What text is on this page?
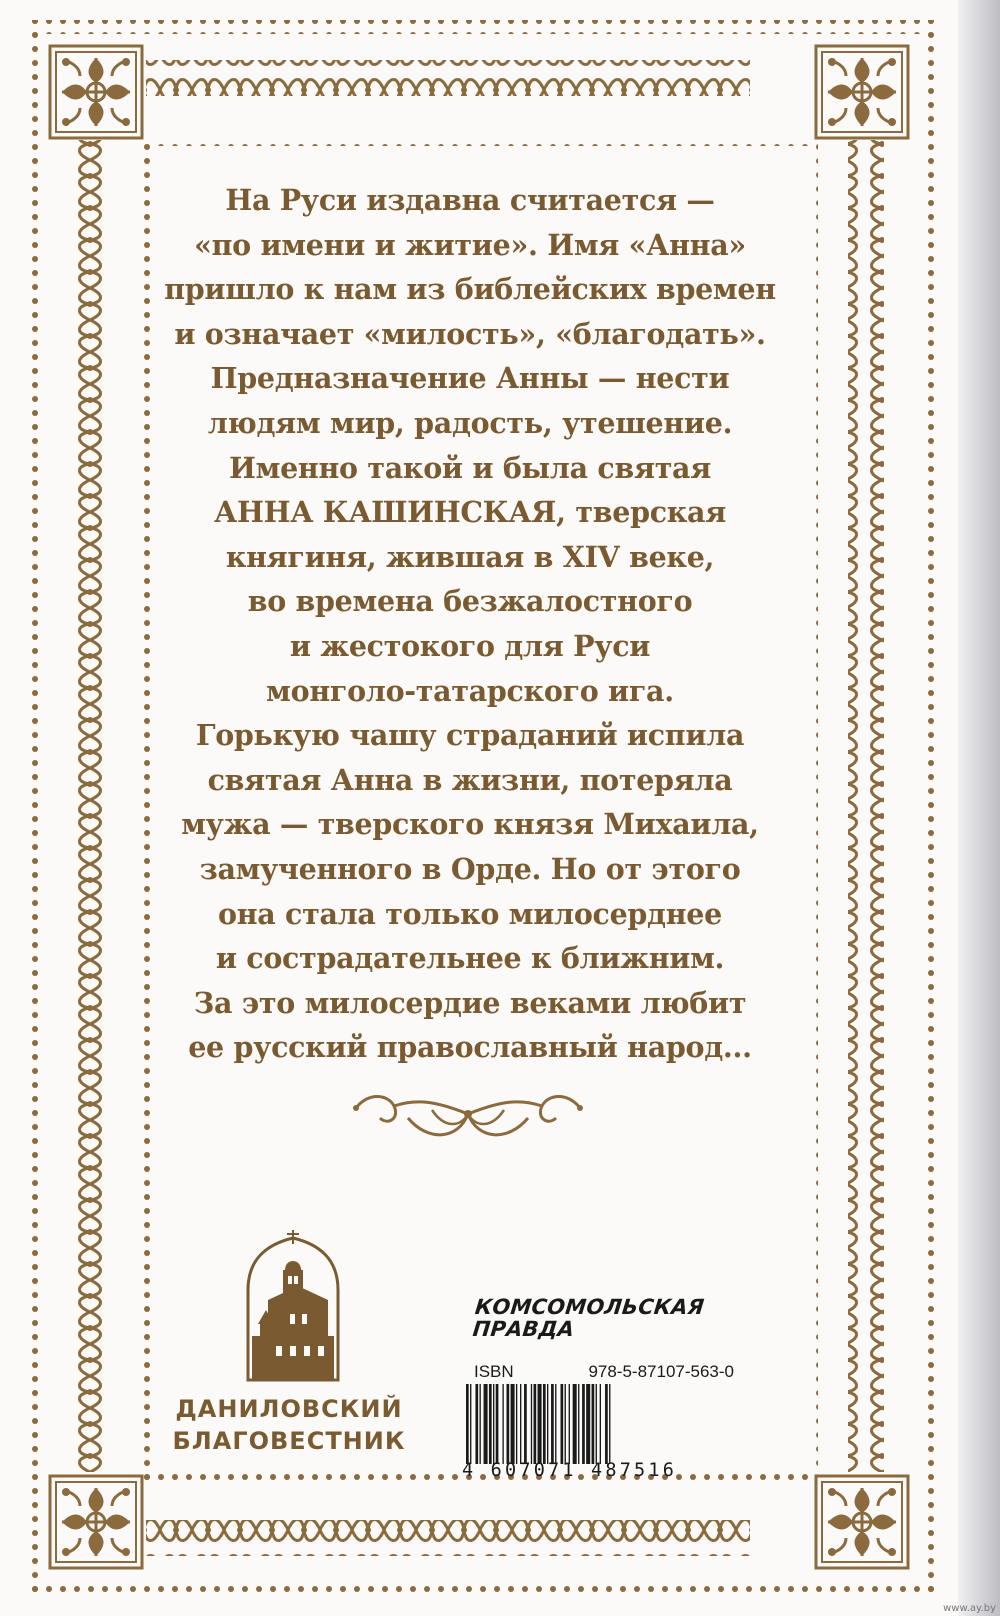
На Руси издавна считается —
«по имени и житие». Имя «Анна»
пришло к нам из библейских времен
и означает «милость», «благодать».
Предназначение Анны — нести
людям мир, радость, утешение.
Именно такой и была святая
АННА КАШИНСКАЯ, тверская
княгиня, жившая в XIV веке,
во времена безжалостного
и жестокого для Руси
монголо-татарского ига.
Горькую чашу страданий испила
святая Анна в жизни, потеряла
мужа — тверского князя Михаила,
замученного в Орде. Но от этого
она стала только милосерднее
и сострадательнее к ближним.
За это милосердие веками любит
ее русский православный народ...
ДАНИЛОВСКИЙ
БЛАГОВЕСТНИК
КОМСОМОЛЬСКАЯ
ПРАВДА
ISBN	978-5-87107-563-0
4 607071 487516
www.ay.by
